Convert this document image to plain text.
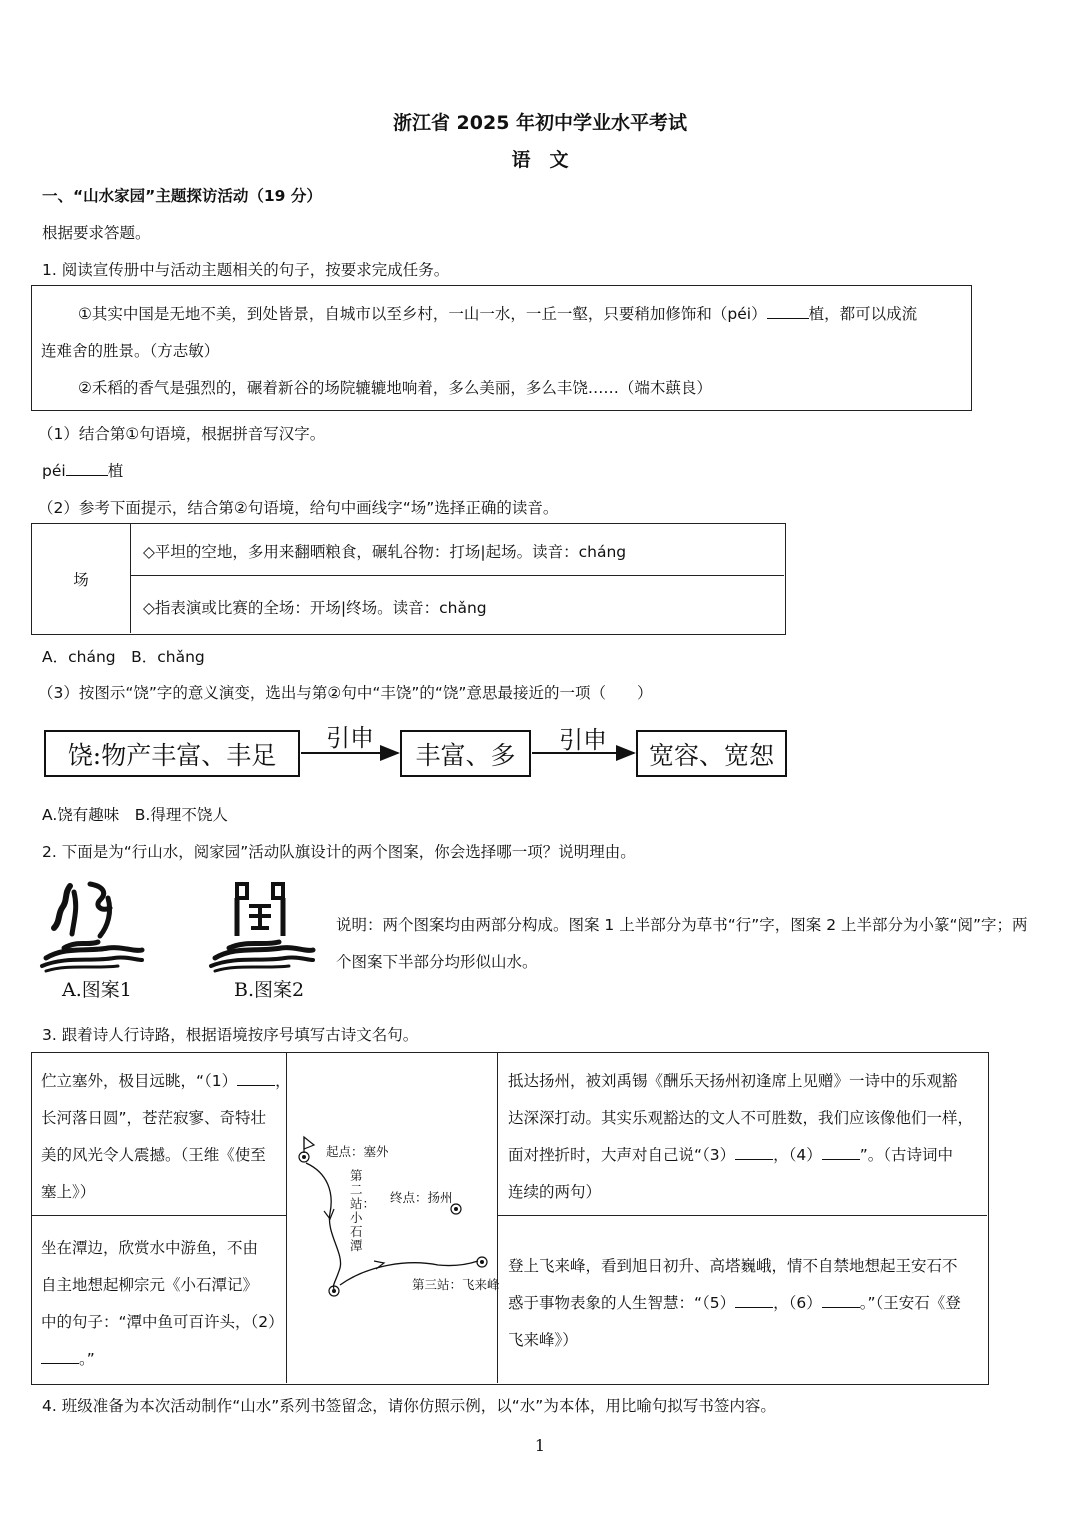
浙江省 2025 年初中学业水平考试
语　文
一、“山水家园”主题探访活动（19 分）
根据要求答题。
1. 阅读宣传册中与活动主题相关的句子，按要求完成任务。
①其实中国是无地不美，到处皆景，自城市以至乡村，一山一水，一丘一壑，只要稍加修饰和（péi）	植，都可以成流
连难舍的胜景。（方志敏）
②禾稻的香气是强烈的，碾着新谷的场院辘辘地响着，多么美丽，多么丰饶……（端木蕻良）
（1）结合第①句语境，根据拼音写汉字。
péi	植
（2）参考下面提示，结合第②句语境，给句中画线字“场”选择正确的读音。
场
◇平坦的空地，多用来翻晒粮食，碾轧谷物：打场|起场。读音：cháng
◇指表演或比赛的全场：开场|终场。读音：chǎng
A．cháng　B．chǎng
（3）按图示“饶”字的意义演变，选出与第②句中“丰饶”的“饶”意思最接近的一项（　　）
饶:物产丰富、丰足	丰富、多	宽容、宽恕
引申	引申
A.饶有趣味　B.得理不饶人
2. 下面是为“行山水，阅家园”活动队旗设计的两个图案，你会选择哪一项？说明理由。
A.图案1	B.图案2
说明：两个图案均由两部分构成。图案 1 上半部分为草书“行”字，图案 2 上半部分为小篆“阅”字；两
个图案下半部分均形似山水。
3. 跟着诗人行诗路，根据语境按序号填写古诗文名句。
伫立塞外，极目远眺，“（1） ，
长河落日圆”，苍茫寂寥、奇特壮
美的风光令人震撼。（王维《使至
塞上》）
坐在潭边，欣赏水中游鱼，不由
自主地想起柳宗元《小石潭记》
中的句子：“潭中鱼可百许头，（2）
。”
抵达扬州，被刘禹锡《酬乐天扬州初逢席上见赠》一诗中的乐观豁
达深深打动。其实乐观豁达的文人不可胜数，我们应该像他们一样，
面对挫折时，大声对自己说“（3） ，（4） ”。（古诗词中
连续的两句）
登上飞来峰，看到旭日初升、高塔巍峨，情不自禁地想起王安石不
惑于事物表象的人生智慧：“（5） ，（6） 。”（王安石《登
飞来峰》）
起点：塞外
终点：扬州
第二站：小石潭
第三站：飞来峰
4. 班级准备为本次活动制作“山水”系列书签留念，请你仿照示例，以“水”为本体，用比喻句拟写书签内容。
1
